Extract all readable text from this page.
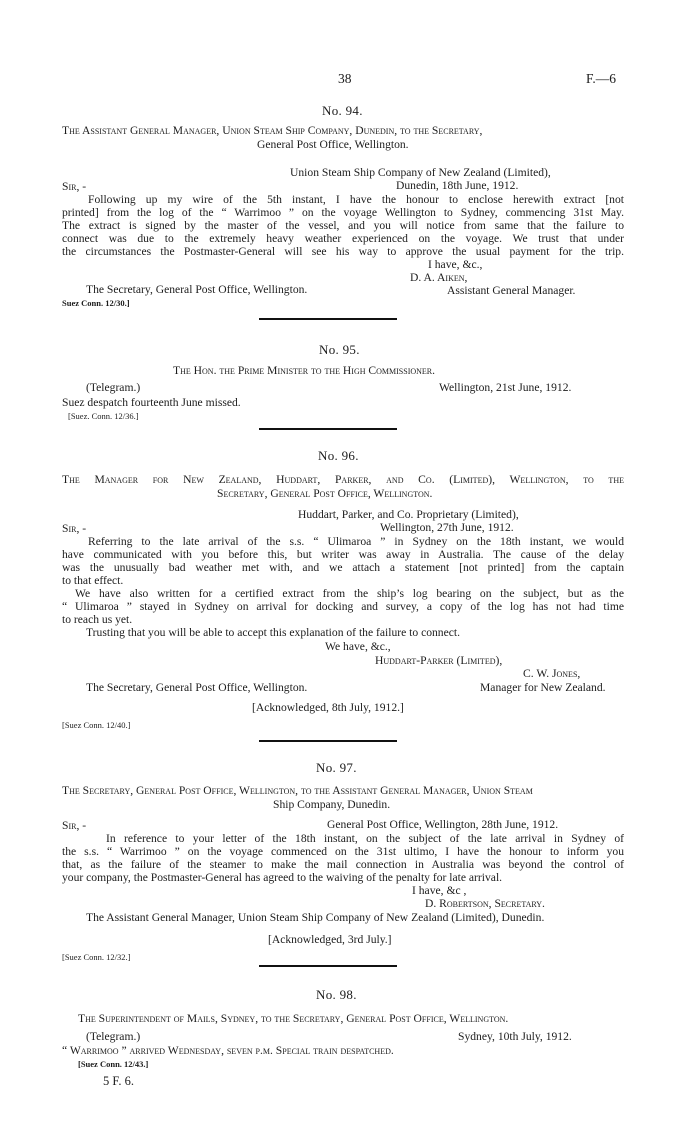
38	F.—6
No. 94.
The Assistant General Manager, Union Steam Ship Company, Dunedin, to the Secretary,
General Post Office, Wellington.
Union Steam Ship Company of New Zealand (Limited),
Dunedin, 18th June, 1912.
Sir, -
Following up my wire of the 5th instant, I have the honour to enclose herewith extract [not
printed] from the log of the “ Warrimoo ” on the voyage Wellington to Sydney, commencing 31st May.
The extract is signed by the master of the vessel, and you will notice from same that the failure to
connect was due to the extremely heavy weather experienced on the voyage. We trust that under
the circumstances the Postmaster-General will see his way to approve the usual payment for the trip.
I have, &c.,
D. A. Aiken,
The Secretary, General Post Office, Wellington.	Assistant General Manager.
Suez Conn. 12/30.]
No. 95.
The Hon. the Prime Minister to the High Commissioner.
(Telegram.)	Wellington, 21st June, 1912.
Suez despatch fourteenth June missed.
[Suez. Conn. 12/36.]
No. 96.
The Manager for New Zealand, Huddart, Parker, and Co. (Limited), Wellington, to the
Secretary, General Post Office, Wellington.
Huddart, Parker, and Co. Proprietary (Limited),
Wellington, 27th June, 1912.
Sir, -
Referring to the late arrival of the s.s. “ Ulimaroa ” in Sydney on the 18th instant, we would
have communicated with you before this, but writer was away in Australia. The cause of the delay
was the unusually bad weather met with, and we attach a statement [not printed] from the captain
to that effect.
We have also written for a certified extract from the ship’s log bearing on the subject, but as the
“ Ulimaroa ” stayed in Sydney on arrival for docking and survey, a copy of the log has not had time
to reach us yet.
Trusting that you will be able to accept this explanation of the failure to connect.
We have, &c.,
Huddart-Parker (Limited),
C. W. Jones,
The Secretary, General Post Office, Wellington.	Manager for New Zealand.
[Acknowledged, 8th July, 1912.]
[Suez Conn. 12/40.]
No. 97.
The Secretary, General Post Office, Wellington, to the Assistant General Manager, Union Steam
Ship Company, Dunedin.
General Post Office, Wellington, 28th June, 1912.
Sir, -
In reference to your letter of the 18th instant, on the subject of the late arrival in Sydney of
the s.s. “ Warrimoo ” on the voyage commenced on the 31st ultimo, I have the honour to inform you
that, as the failure of the steamer to make the mail connection in Australia was beyond the control of
your company, the Postmaster-General has agreed to the waiving of the penalty for late arrival.
I have, &c ,
D. Robertson, Secretary.
The Assistant General Manager, Union Steam Ship Company of New Zealand (Limited), Dunedin.
[Acknowledged, 3rd July.]
[Suez Conn. 12/32.]
No. 98.
The Superintendent of Mails, Sydney, to the Secretary, General Post Office, Wellington.
(Telegram.)	Sydney, 10th July, 1912.
“ Warrimoo ” arrived Wednesday, seven p.m. Special train despatched.
[Suez Conn. 12/43.]
5 F. 6.
